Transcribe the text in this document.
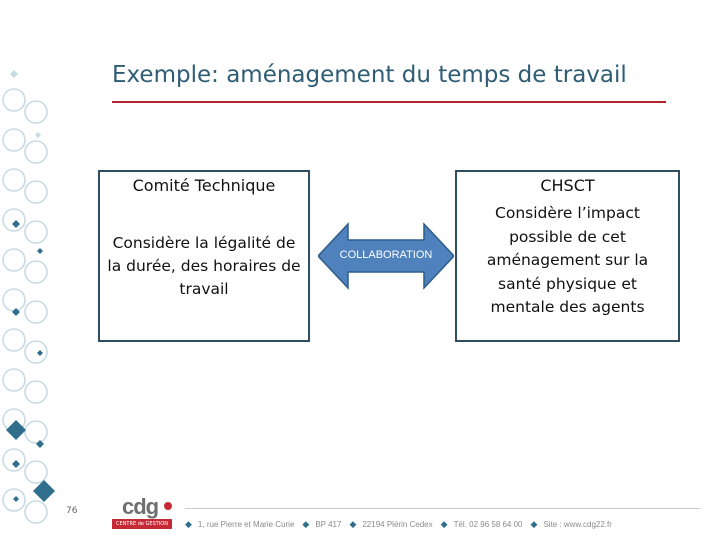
Exemple: aménagement du temps de travail
Comité Technique
Considère la légalité de la durée, des horaires de travail
COLLABORATION
CHSCT
Considère l’impact possible de cet aménagement sur la santé physique et mentale des agents
76 cdg
CENTRE de GESTION	◆ 1, rue Pierre et Marie Curie ◆ BP 417 ◆ 22194 Plérin Cedex ◆ Tél. 02 96 58 64 00 ◆ Site : www.cdg22.fr
